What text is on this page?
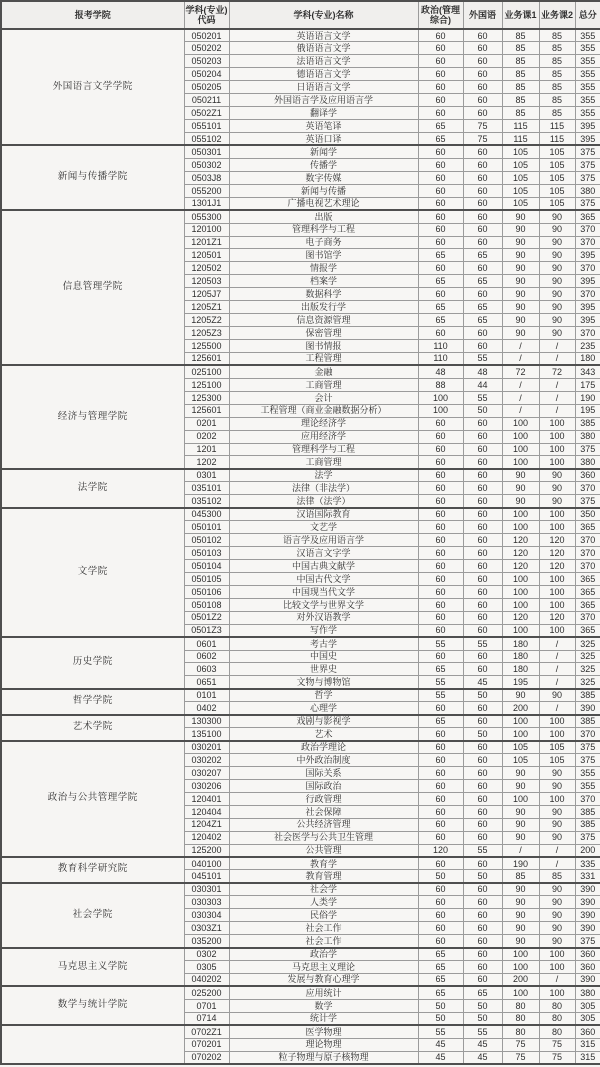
报考学院	学科(专业)代码	学科(专业)名称	政治(管理综合)	外国语	业务课1	业务课2	总分
外国语言文学学院	050201	英语语言文学	60	60	85	85	355
	050202	俄语语言文学	60	60	85	85	355
	050203	法语语言文学	60	60	85	85	355
	050204	德语语言文学	60	60	85	85	355
	050205	日语语言文学	60	60	85	85	355
	050211	外国语言学及应用语言学	60	60	85	85	355
	0502Z1	翻译学	60	60	85	85	355
	055101	英语笔译	65	75	115	115	395
	055102	英语口译	65	75	115	115	395
新闻与传播学院	050301	新闻学	60	60	105	105	375
	050302	传播学	60	60	105	105	375
	0503J8	数字传媒	60	60	105	105	375
	055200	新闻与传播	60	60	105	105	380
	1301J1	广播电视艺术理论	60	60	105	105	375
信息管理学院	055300	出版	60	60	90	90	365
	120100	管理科学与工程	60	60	90	90	370
	1201Z1	电子商务	60	60	90	90	370
	120501	图书馆学	65	65	90	90	395
	120502	情报学	60	60	90	90	370
	120503	档案学	65	65	90	90	395
	1205J7	数据科学	60	60	90	90	370
	1205Z1	出版发行学	65	65	90	90	395
	1205Z2	信息资源管理	65	65	90	90	395
	1205Z3	保密管理	60	60	90	90	370
	125500	图书情报	110	60	/	/	235
	125601	工程管理	110	55	/	/	180
经济与管理学院	025100	金融	48	48	72	72	343
	125100	工商管理	88	44	/	/	175
	125300	会计	100	55	/	/	190
	125601	工程管理（商业金融数据分析）	100	50	/	/	195
	0201	理论经济学	60	60	100	100	385
	0202	应用经济学	60	60	100	100	380
	1201	管理科学与工程	60	60	100	100	375
	1202	工商管理	60	60	100	100	380
法学院	0301	法学	60	60	90	90	360
	035101	法律（非法学）	60	60	90	90	370
	035102	法律（法学）	60	60	90	90	375
文学院	045300	汉语国际教育	60	60	100	100	350
	050101	文艺学	60	60	100	100	365
	050102	语言学及应用语言学	60	60	120	120	370
	050103	汉语言文字学	60	60	120	120	370
	050104	中国古典文献学	60	60	120	120	370
	050105	中国古代文学	60	60	100	100	365
	050106	中国现当代文学	60	60	100	100	365
	050108	比较文学与世界文学	60	60	100	100	365
	0501Z2	对外汉语教学	60	60	120	120	370
	0501Z3	写作学	60	60	100	100	365
历史学院	0601	考古学	55	55	180	/	325
	0602	中国史	60	60	180	/	325
	0603	世界史	65	60	180	/	325
	0651	文物与博物馆	55	45	195	/	325
哲学学院	0101	哲学	55	50	90	90	385
	0402	心理学	60	60	200	/	390
艺术学院	130300	戏剧与影视学	65	60	100	100	385
	135100	艺术	60	50	100	100	370
政治与公共管理学院	030201	政治学理论	60	60	105	105	375
	030202	中外政治制度	60	60	105	105	375
	030207	国际关系	60	60	90	90	355
	030206	国际政治	60	60	90	90	355
	120401	行政管理	60	60	100	100	370
	120404	社会保障	60	60	90	90	385
	1204Z1	公共经济管理	60	60	90	90	385
	120402	社会医学与公共卫生管理	60	60	90	90	375
	125200	公共管理	120	55	/	/	200
教育科学研究院	040100	教育学	60	60	190	/	335
	045101	教育管理	50	50	85	85	331
社会学院	030301	社会学	60	60	90	90	390
	030303	人类学	60	60	90	90	390
	030304	民俗学	60	60	90	90	390
	0303Z1	社会工作	60	60	90	90	390
	035200	社会工作	60	60	90	90	375
马克思主义学院	0302	政治学	65	60	100	100	360
	0305	马克思主义理论	65	60	100	100	360
	040202	发展与教育心理学	65	60	200	/	390
数学与统计学院	025200	应用统计	65	65	100	100	380
	0701	数学	50	50	80	80	305
	0714	统计学	50	50	80	80	305
	0702Z1	医学物理	55	55	80	80	360
	070201	理论物理	45	45	75	75	315
	070202	粒子物理与原子核物理	45	45	75	75	315
